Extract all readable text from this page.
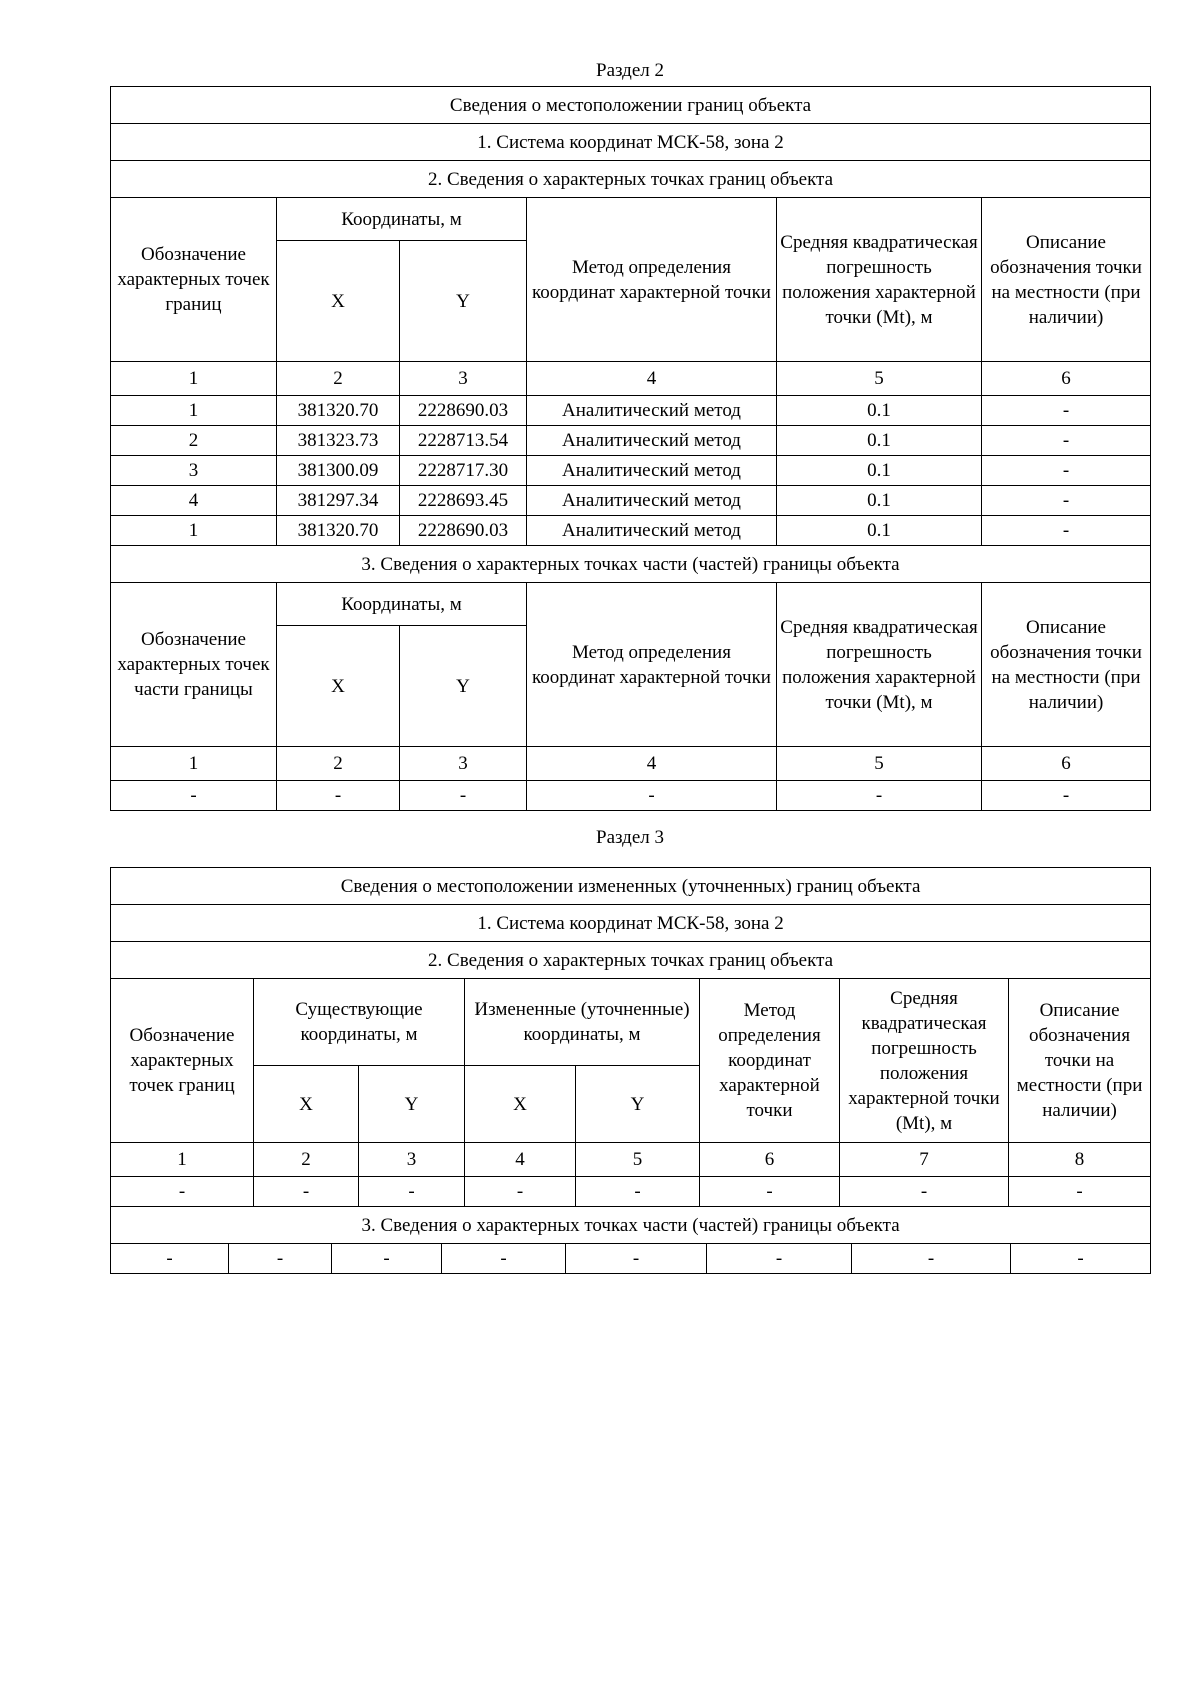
Раздел 2
Сведения о местоположении границ объекта					
1. Система координат МСК-58, зона 2					
2. Сведения о характерных точках границ объекта					
Обозначение характерных точек границ	Координаты, м		Метод определения координат характерной точки	Средняя квадратическая погрешность положения характерной точки (Mt), м	Описание обозначения точки на местности (при наличии)
	X	Y			
1	2	3	4	5	6
1	381320.70	2228690.03	Аналитический метод	0.1	-
2	381323.73	2228713.54	Аналитический метод	0.1	-
3	381300.09	2228717.30	Аналитический метод	0.1	-
4	381297.34	2228693.45	Аналитический метод	0.1	-
1	381320.70	2228690.03	Аналитический метод	0.1	-
3. Сведения о характерных точках части (частей) границы объекта					
Обозначение характерных точек части границы	Координаты, м		Метод определения координат характерной точки	Средняя квадратическая погрешность положения характерной точки (Mt), м	Описание обозначения точки на местности (при наличии)
	X	Y			
1	2	3	4	5	6
-	-	-	-	-	-
Раздел 3
Сведения о местоположении измененных (уточненных) границ объекта							
1. Система координат МСК-58, зона 2							
2. Сведения о характерных точках границ объекта							
Обозначение характерных точек границ	Существующие координаты, м		Измененные (уточненные) координаты, м		Метод определения координат характерной точки	Средняя квадратическая погрешность положения характерной точки (Mt), м	Описание обозначения точки на местности (при наличии)
	X	Y	X	Y			
1	2	3	4	5	6	7	8
-	-	-	-	-	-	-	-
3. Сведения о характерных точках части (частей) границы объекта							
-	-	-	-	-	-	-	-
